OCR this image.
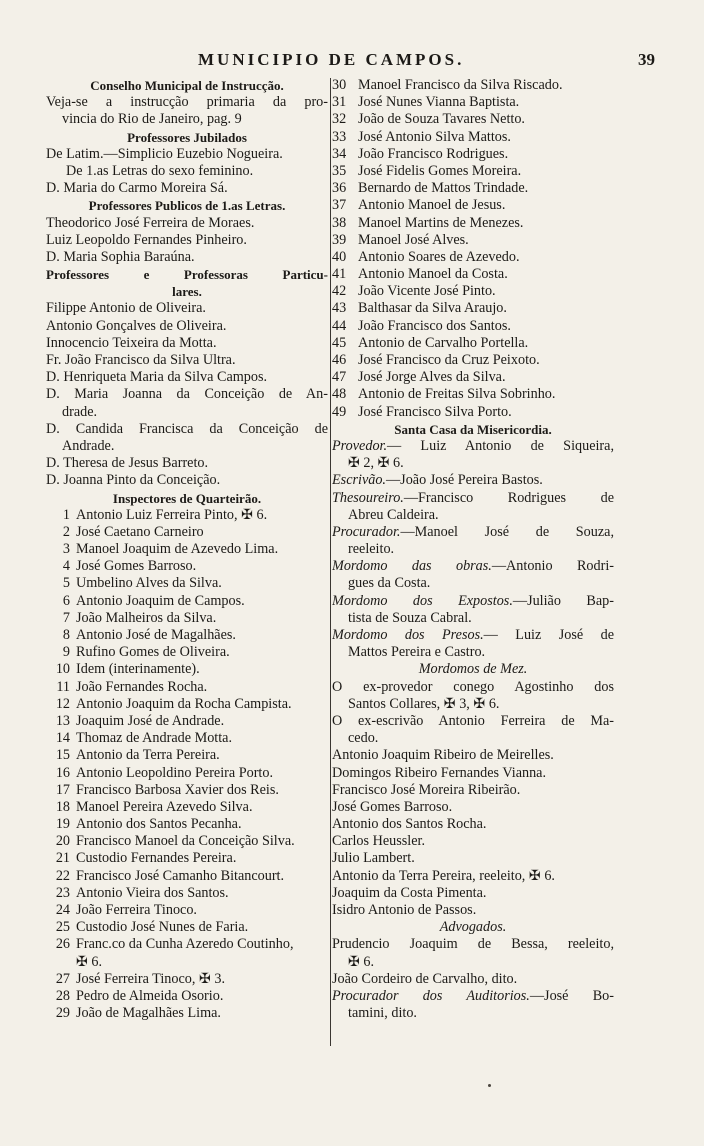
MUNICIPIO DE CAMPOS.	39
Conselho Municipal de Instrucção.
Veja-se a instrucção primaria da pro-
vincia do Rio de Janeiro, pag. 9
Professores Jubilados
De Latim.—Simplicio Euzebio Nogueira.
De 1.as Letras do sexo feminino.
D. Maria do Carmo Moreira Sá.
Professores Publicos de 1.as Letras.
Theodorico José Ferreira de Moraes.
Luiz Leopoldo Fernandes Pinheiro.
D. Maria Sophia Baraúna.
Professores e Professoras Particu-
lares.
Filippe Antonio de Oliveira.
Antonio Gonçalves de Oliveira.
Innocencio Teixeira da Motta.
Fr. João Francisco da Silva Ultra.
D. Henriqueta Maria da Silva Campos.
D. Maria Joanna da Conceição de An-
drade.
D. Candida Francisca da Conceição de
Andrade.
D. Theresa de Jesus Barreto.
D. Joanna Pinto da Conceição.
Inspectores de Quarteirão.
1 Antonio Luiz Ferreira Pinto, ✠ 6.
2 José Caetano Carneiro
3 Manoel Joaquim de Azevedo Lima.
4 José Gomes Barroso.
5 Umbelino Alves da Silva.
6 Antonio Joaquim de Campos.
7 João Malheiros da Silva.
8 Antonio José de Magalhães.
9 Rufino Gomes de Oliveira.
10 Idem (interinamente).
11 João Fernandes Rocha.
12 Antonio Joaquim da Rocha Campista.
13 Joaquim José de Andrade.
14 Thomaz de Andrade Motta.
15 Antonio da Terra Pereira.
16 Antonio Leopoldino Pereira Porto.
17 Francisco Barbosa Xavier dos Reis.
18 Manoel Pereira Azevedo Silva.
19 Antonio dos Santos Pecanha.
20 Francisco Manoel da Conceição Silva.
21 Custodio Fernandes Pereira.
22 Francisco José Camanho Bitancourt.
23 Antonio Vieira dos Santos.
24 João Ferreira Tinoco.
25 Custodio José Nunes de Faria.
26 Franc.co da Cunha Azeredo Coutinho,
✠ 6.
27 José Ferreira Tinoco, ✠ 3.
28 Pedro de Almeida Osorio.
29 João de Magalhães Lima.
30 Manoel Francisco da Silva Riscado.
31 José Nunes Vianna Baptista.
32 João de Souza Tavares Netto.
33 José Antonio Silva Mattos.
34 João Francisco Rodrigues.
35 José Fidelis Gomes Moreira.
36 Bernardo de Mattos Trindade.
37 Antonio Manoel de Jesus.
38 Manoel Martins de Menezes.
39 Manoel José Alves.
40 Antonio Soares de Azevedo.
41 Antonio Manoel da Costa.
42 João Vicente José Pinto.
43 Balthasar da Silva Araujo.
44 João Francisco dos Santos.
45 Antonio de Carvalho Portella.
46 José Francisco da Cruz Peixoto.
47 José Jorge Alves da Silva.
48 Antonio de Freitas Silva Sobrinho.
49 José Francisco Silva Porto.
Santa Casa da Misericordia.
Provedor.— Luiz Antonio de Siqueira,
✠ 2, ✠ 6.
Escrivão.—João José Pereira Bastos.
Thesoureiro.—Francisco Rodrigues de
Abreu Caldeira.
Procurador.—Manoel José de Souza,
reeleito.
Mordomo das obras.—Antonio Rodri-
gues da Costa.
Mordomo dos Expostos.—Julião Bap-
tista de Souza Cabral.
Mordomo dos Presos.— Luiz José de
Mattos Pereira e Castro.
Mordomos de Mez.
O ex-provedor conego Agostinho dos
Santos Collares, ✠ 3, ✠ 6.
O ex-escrivão Antonio Ferreira de Ma-
cedo.
Antonio Joaquim Ribeiro de Meirelles.
Domingos Ribeiro Fernandes Vianna.
Francisco José Moreira Ribeirão.
José Gomes Barroso.
Antonio dos Santos Rocha.
Carlos Heussler.
Julio Lambert.
Antonio da Terra Pereira, reeleito, ✠ 6.
Joaquim da Costa Pimenta.
Isidro Antonio de Passos.
Advogados.
Prudencio Joaquim de Bessa, reeleito,
✠ 6.
João Cordeiro de Carvalho, dito.
Procurador dos Auditorios.—José Bo-
tamini, dito.
